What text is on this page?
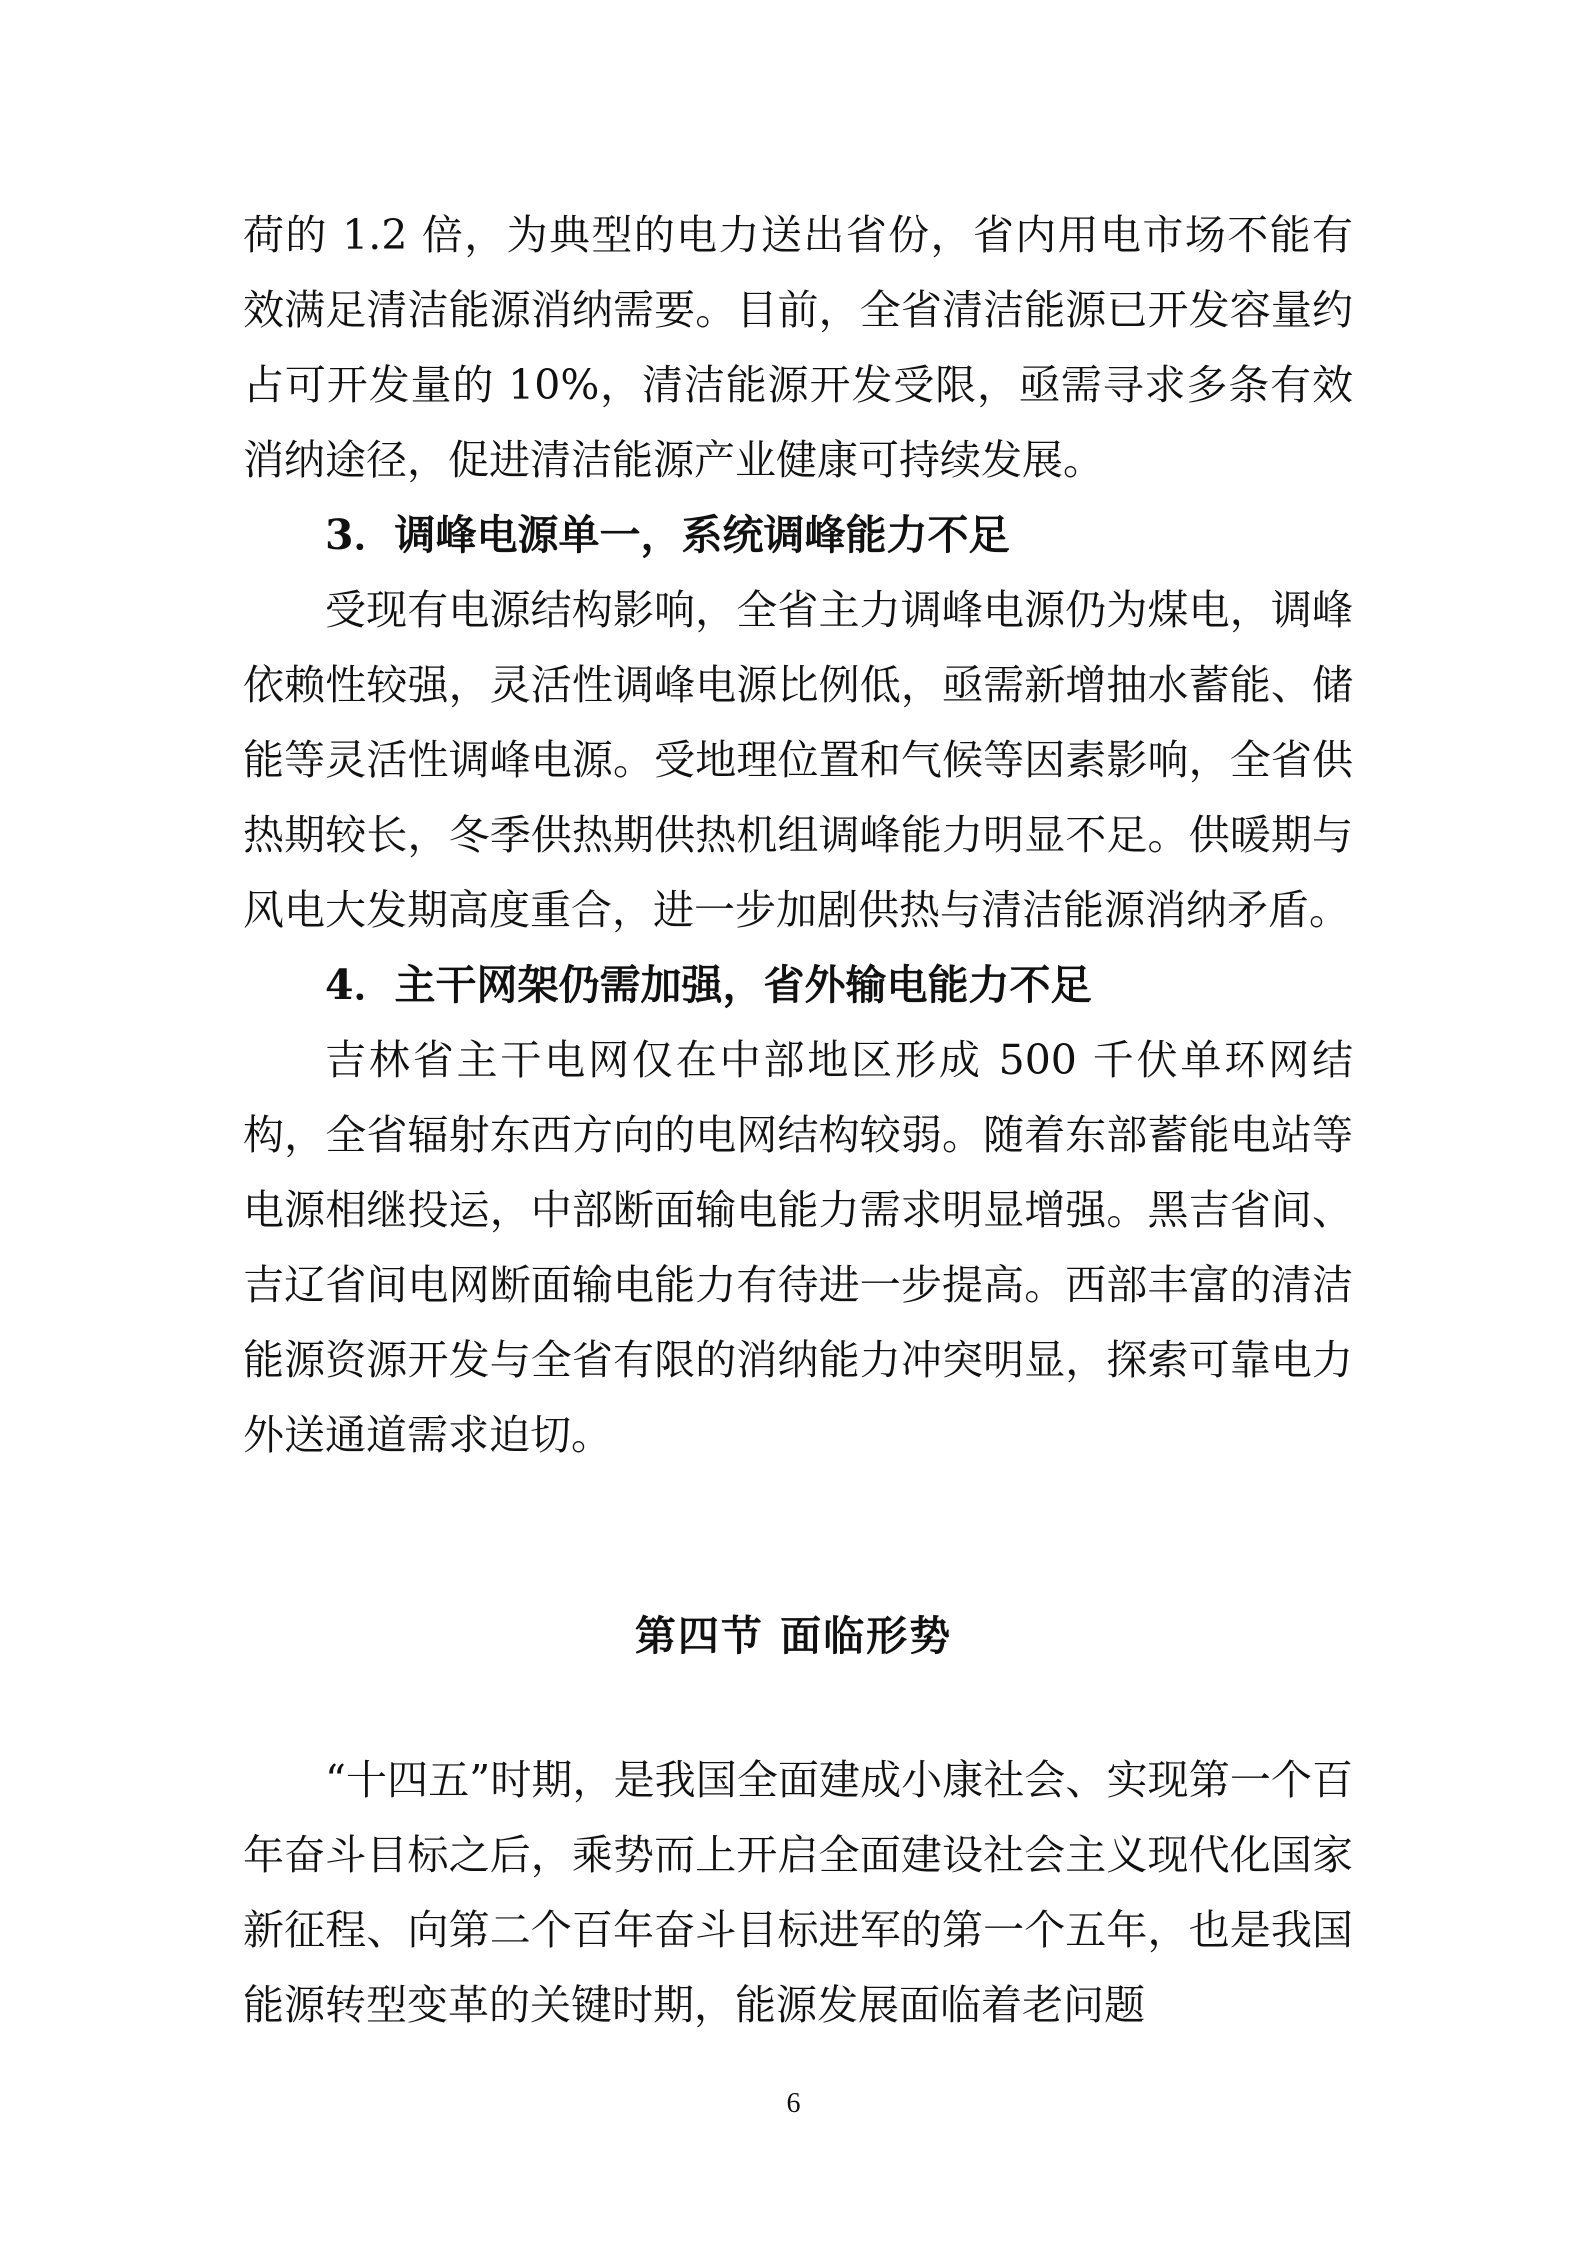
荷的 1.2 倍，为典型的电力送出省份，省内用电市场不能有效满足清洁能源消纳需要。目前，全省清洁能源已开发容量约占可开发量的 10%，清洁能源开发受限，亟需寻求多条有效消纳途径，促进清洁能源产业健康可持续发展。

3．调峰电源单一，系统调峰能力不足

受现有电源结构影响，全省主力调峰电源仍为煤电，调峰依赖性较强，灵活性调峰电源比例低，亟需新增抽水蓄能、储能等灵活性调峰电源。受地理位置和气候等因素影响，全省供热期较长，冬季供热期供热机组调峰能力明显不足。供暖期与风电大发期高度重合，进一步加剧供热与清洁能源消纳矛盾。

4．主干网架仍需加强，省外输电能力不足

吉林省主干电网仅在中部地区形成 500 千伏单环网结构，全省辐射东西方向的电网结构较弱。随着东部蓄能电站等电源相继投运，中部断面输电能力需求明显增强。黑吉省间、吉辽省间电网断面输电能力有待进一步提高。西部丰富的清洁能源资源开发与全省有限的消纳能力冲突明显，探索可靠电力外送通道需求迫切。

第四节 面临形势

“十四五”时期，是我国全面建成小康社会、实现第一个百年奋斗目标之后，乘势而上开启全面建设社会主义现代化国家新征程、向第二个百年奋斗目标进军的第一个五年，也是我国能源转型变革的关键时期，能源发展面临着老问题

6
